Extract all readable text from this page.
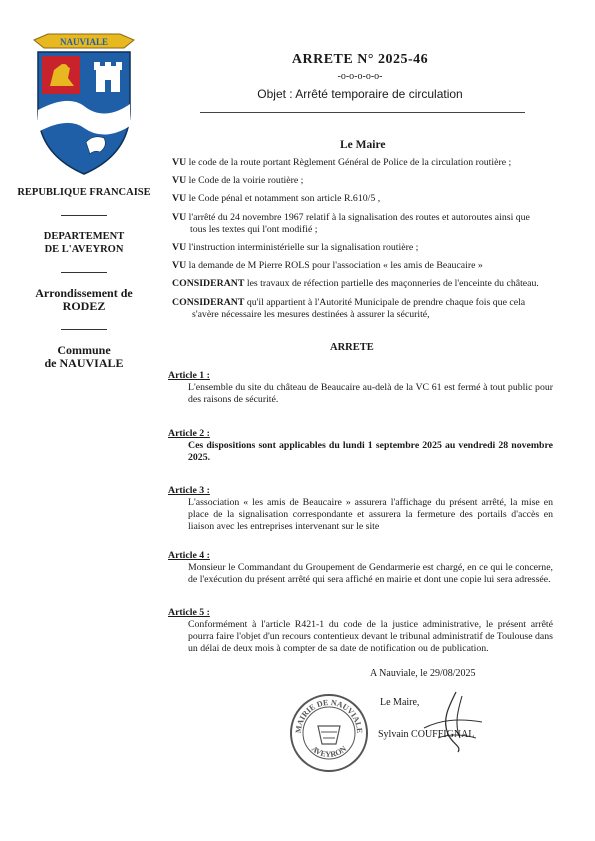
NAUVIALE
REPUBLIQUE FRANCAISE
DEPARTEMENT
DE L'AVEYRON
Arrondissement de
RODEZ
Commune
de NAUVIALE
ARRETE N° 2025-46
-o-o-o-o-o-
Objet : Arrêté temporaire de circulation
Le Maire
VU le code de la route portant Règlement Général de Police de la circulation routière ;
VU le Code de la voirie routière ;
VU le Code pénal et notamment son article R.610/5 ,
VU l'arrêté du 24 novembre 1967 relatif à la signalisation des routes et autoroutes ainsi que
tous les textes qui l'ont modifié ;
VU l'instruction interministérielle sur la signalisation routière ;
VU la demande de M Pierre ROLS pour l'association « les amis de Beaucaire »
CONSIDERANT les travaux de réfection partielle des maçonneries de l'enceinte du château.
CONSIDERANT qu'il appartient à l'Autorité Municipale de prendre chaque fois que cela
s'avère nécessaire les mesures destinées à assurer la sécurité,
ARRETE
Article 1 :
L'ensemble du site du château de Beaucaire au-delà de la VC 61 est fermé à tout public pour des raisons de sécurité.
Article 2 :
Ces dispositions sont applicables du lundi 1 septembre 2025 au vendredi 28 novembre 2025.
Article 3 :
L'association « les amis de Beaucaire » assurera l'affichage du présent arrêté, la mise en place de la signalisation correspondante et assurera la fermeture des portails d'accès en liaison avec les entreprises intervenant sur le site
Article 4 :
Monsieur le Commandant du Groupement de Gendarmerie est chargé, en ce qui le concerne, de l'exécution du présent arrêté qui sera affiché en mairie et dont une copie lui sera adressée.
Article 5 :
Conformément à l'article R421-1 du code de la justice administrative, le présent arrêté pourra faire l'objet d'un recours contentieux devant le tribunal administratif de Toulouse dans un délai de deux mois à compter de sa date de notification ou de publication.
A Nauviale, le 29/08/2025
MAIRIE DE NAUVIALE
AVEYRON
Le Maire,
Sylvain COUFFIGNAL
